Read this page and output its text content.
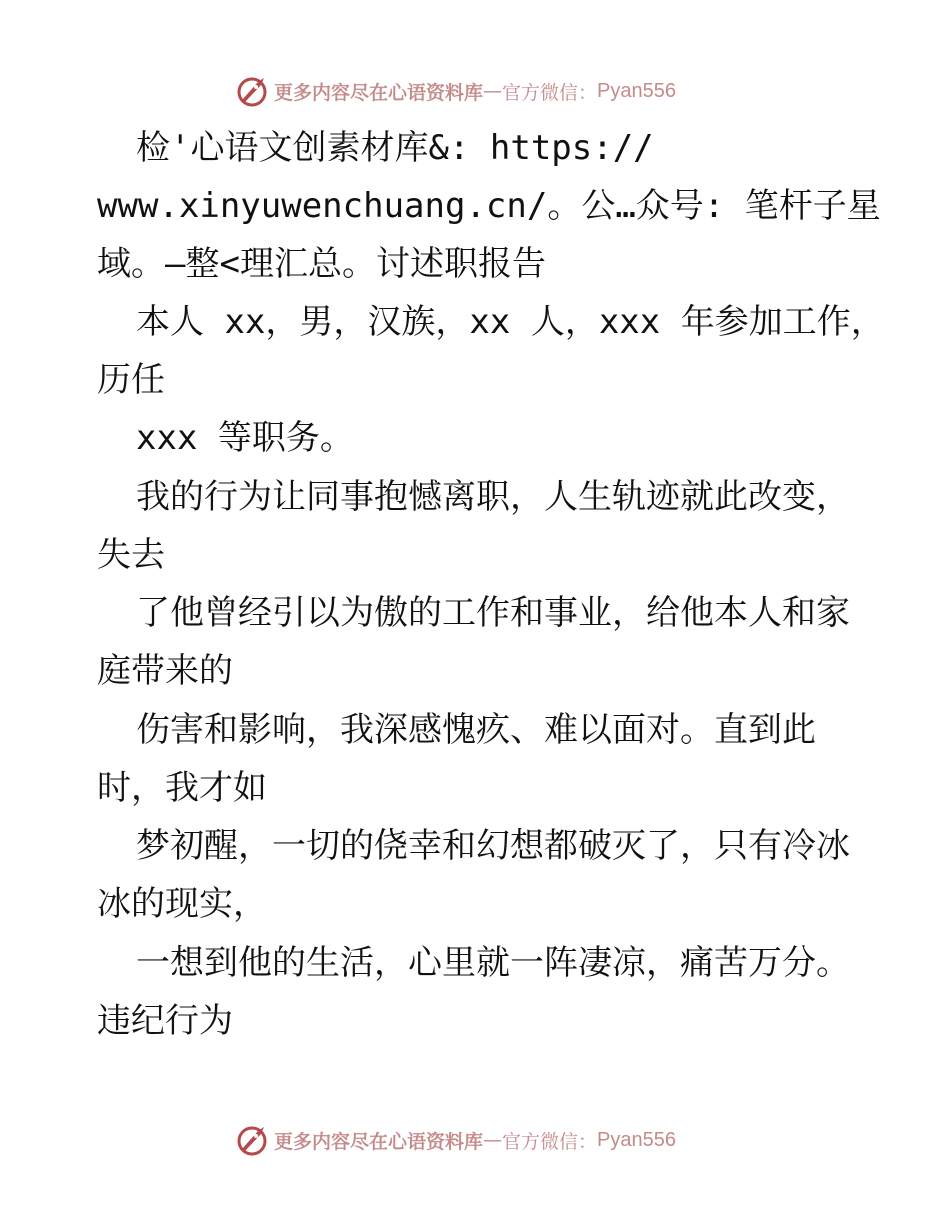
更多内容尽在心语资料库 — 官方微信： Pyan556
检'心语文创素材库&: https://
www.xinyuwenchuang.cn/。公…众号: 笔杆子星
域。—整<理汇总。讨述职报告
本人 xx，男，汉族，xx 人，xxx 年参加工作，
历任
xxx 等职务。
我的行为让同事抱憾离职，人生轨迹就此改变，
失去
了他曾经引以为傲的工作和事业，给他本人和家
庭带来的
伤害和影响，我深感愧疚、难以面对。直到此
时，我才如
梦初醒，一切的侥幸和幻想都破灭了，只有冷冰
冰的现实，
一想到他的生活，心里就一阵凄凉，痛苦万分。
违纪行为
更多内容尽在心语资料库 — 官方微信： Pyan556
